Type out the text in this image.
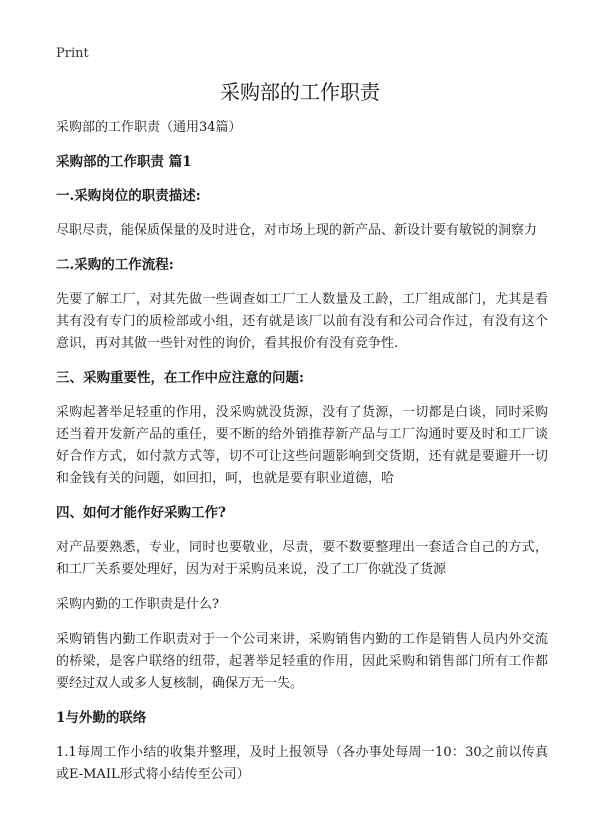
Print
采购部的工作职责
采购部的工作职责（通用34篇）
采购部的工作职责 篇1
一.采购岗位的职责描述:
尽职尽责，能保质保量的及时进仓，对市场上现的新产品、新设计要有敏锐的洞察力
二.采购的工作流程:
先要了解工厂，对其先做一些调查如工厂工人数量及工龄，工厂组成部门，尤其是看其有没有专门的质检部或小组，还有就是该厂以前有没有和公司合作过，有没有这个意识，再对其做一些针对性的询价，看其报价有没有竞争性.
三、采购重要性，在工作中应注意的问题:
采购起著举足轻重的作用，没采购就没货源，没有了货源，一切都是白谈，同时采购还当着开发新产品的重任，要不断的给外销推荐新产品与工厂沟通时要及时和工厂谈好合作方式，如付款方式等，切不可让这些问题影响到交货期，还有就是要避开一切和金钱有关的问题，如回扣，呵，也就是要有职业道德，哈
四、如何才能作好采购工作?
对产品要熟悉，专业，同时也要敬业，尽责，要不数要整理出一套适合自己的方式，和工厂关系要处理好，因为对于采购员来说，没了工厂你就没了货源
采购内勤的工作职责是什么?
采购销售内勤工作职责对于一个公司来讲，采购销售内勤的工作是销售人员内外交流的桥梁，是客户联络的纽带，起著举足轻重的作用，因此采购和销售部门所有工作都要经过双人或多人复核制，确保万无一失。
1与外勤的联络
1.1每周工作小结的收集并整理，及时上报领导（各办事处每周一10：30之前以传真或E-MAIL形式将小结传至公司）
